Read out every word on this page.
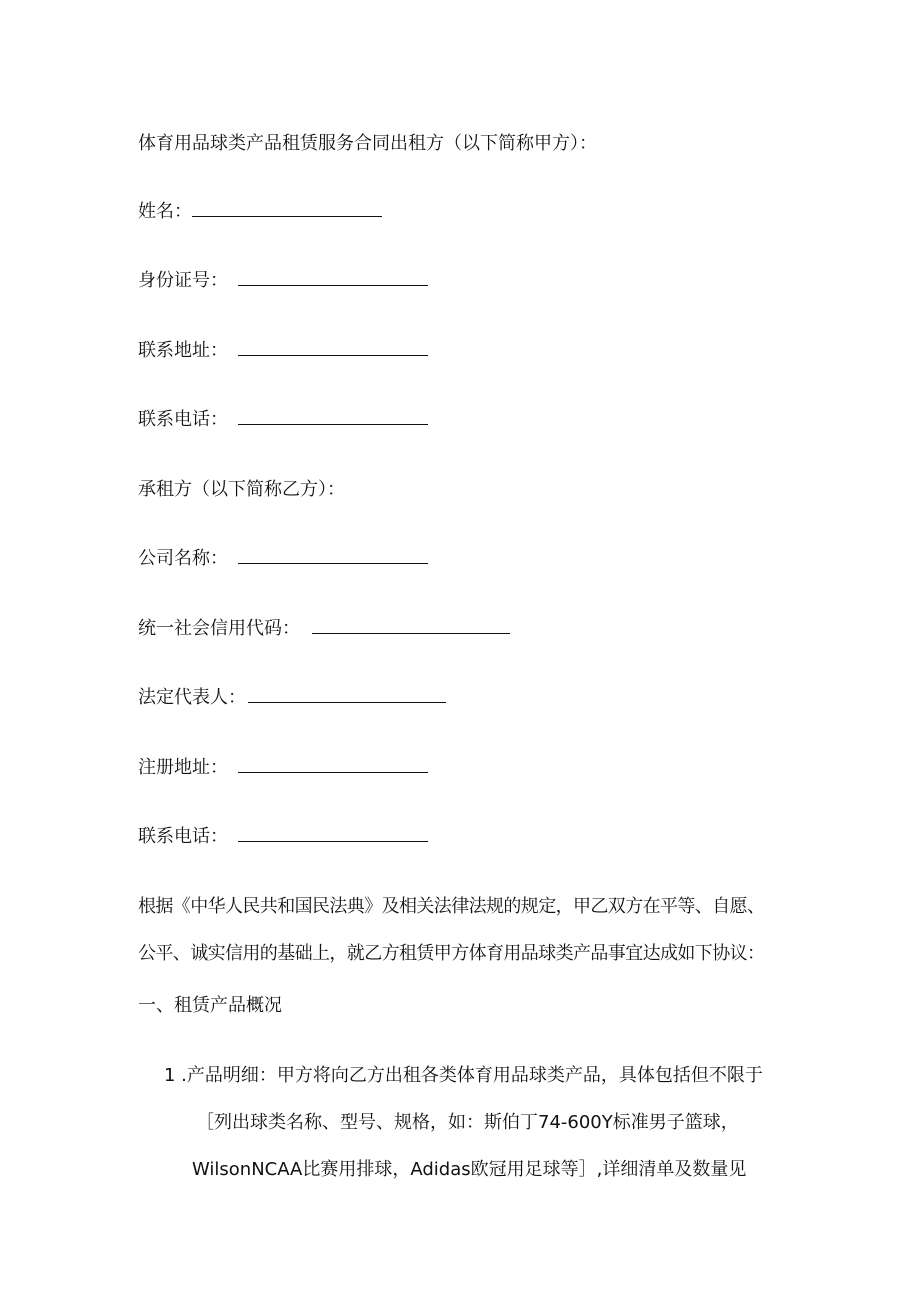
体育用品球类产品租赁服务合同出租方（以下简称甲方）：
姓名：
身份证号：
联系地址：
联系电话：
承租方（以下简称乙方）：
公司名称：
统一社会信用代码：
法定代表人：
注册地址：
联系电话：
根据《中华人民共和国民法典》及相关法律法规的规定，甲乙双方在平等、自愿、
公平、诚实信用的基础上，就乙方租赁甲方体育用品球类产品事宜达成如下协议：
一、租赁产品概况
1 .产品明细：甲方将向乙方出租各类体育用品球类产品，具体包括但不限于
［列出球类名称、型号、规格，如：斯伯丁74-600Y标准男子篮球，
WilsonNCAA比赛用排球，Adidas欧冠用足球等］,详细清单及数量见
